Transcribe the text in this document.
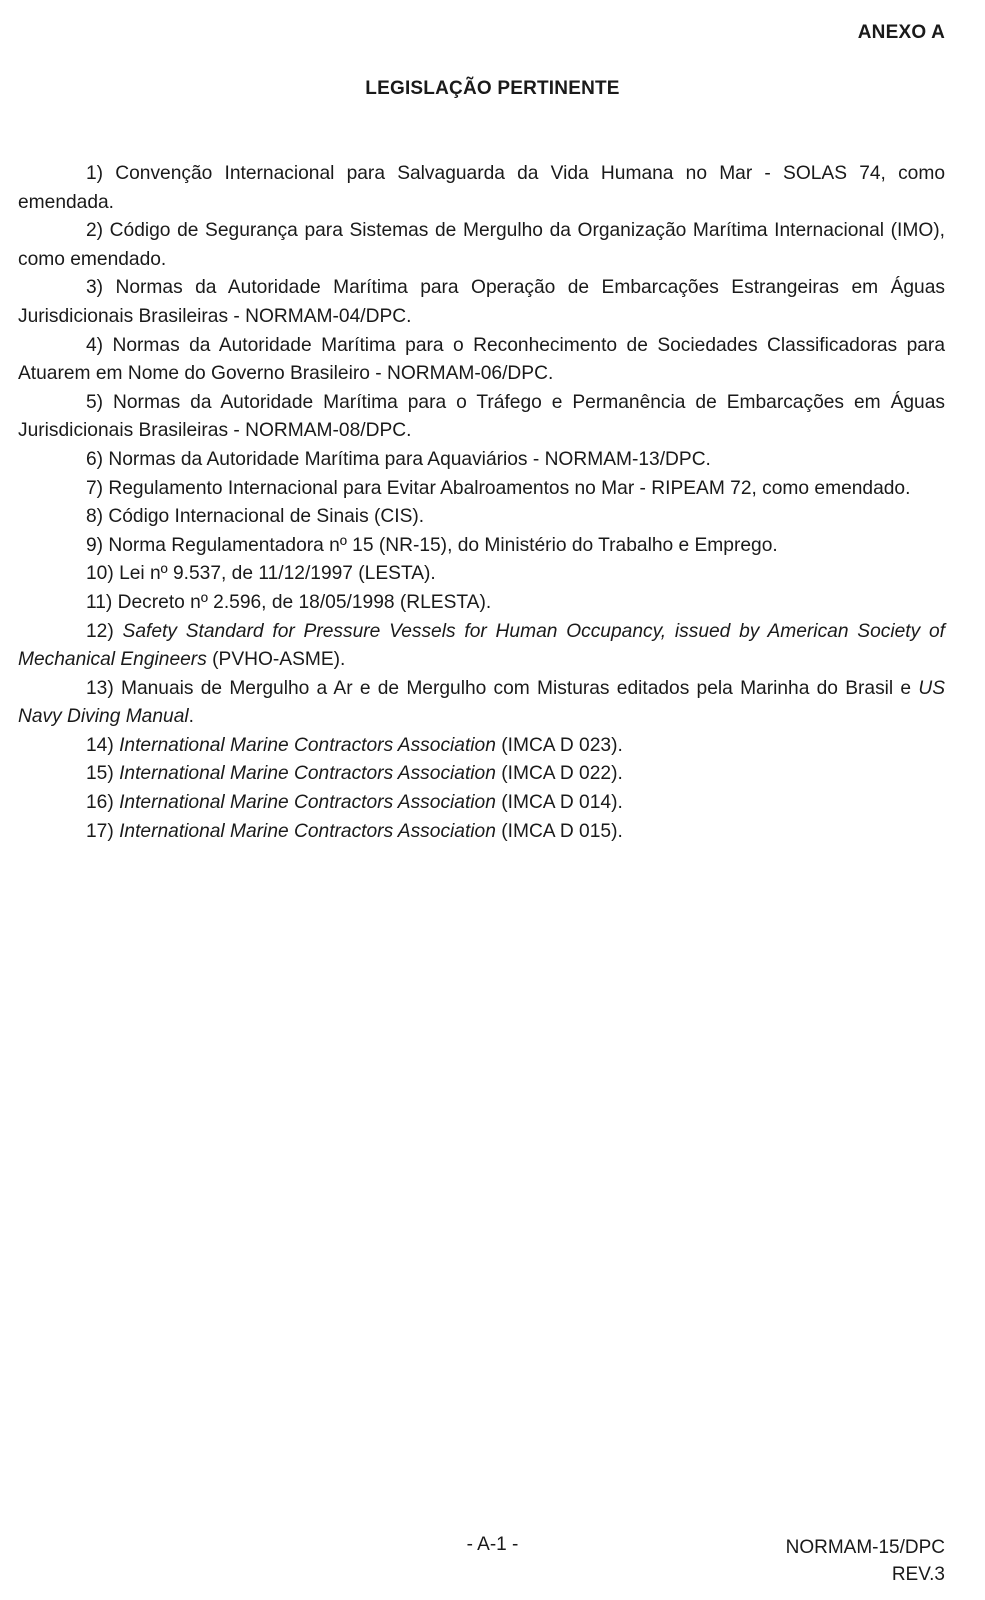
ANEXO A
LEGISLAÇÃO PERTINENTE

1) Convenção Internacional para Salvaguarda da Vida Humana no Mar - SOLAS 74, como emendada.

2) Código de Segurança para Sistemas de Mergulho da Organização Marítima Internacional (IMO), como emendado.

3) Normas da Autoridade Marítima para Operação de Embarcações Estrangeiras em Águas Jurisdicionais Brasileiras - NORMAM-04/DPC.

4) Normas da Autoridade Marítima para o Reconhecimento de Sociedades Classificadoras para Atuarem em Nome do Governo Brasileiro - NORMAM-06/DPC.

5) Normas da Autoridade Marítima para o Tráfego e Permanência de Embarcações em Águas Jurisdicionais Brasileiras - NORMAM-08/DPC.

6) Normas da Autoridade Marítima para Aquaviários - NORMAM-13/DPC.

7) Regulamento Internacional para Evitar Abalroamentos no Mar - RIPEAM 72, como emendado.

8) Código Internacional de Sinais (CIS).

9) Norma Regulamentadora nº 15 (NR-15), do Ministério do Trabalho e Emprego.

10) Lei nº 9.537, de 11/12/1997 (LESTA).

11) Decreto nº 2.596, de 18/05/1998 (RLESTA).

12) Safety Standard for Pressure Vessels for Human Occupancy, issued by American Society of Mechanical Engineers (PVHO-ASME).

13) Manuais de Mergulho a Ar e de Mergulho com Misturas editados pela Marinha do Brasil e US Navy Diving Manual.

14) International Marine Contractors Association (IMCA D 023).

15) International Marine Contractors Association (IMCA D 022).

16) International Marine Contractors Association (IMCA D 014).

17) International Marine Contractors Association (IMCA D 015).

- A-1 -	NORMAM-15/DPC
REV.3
